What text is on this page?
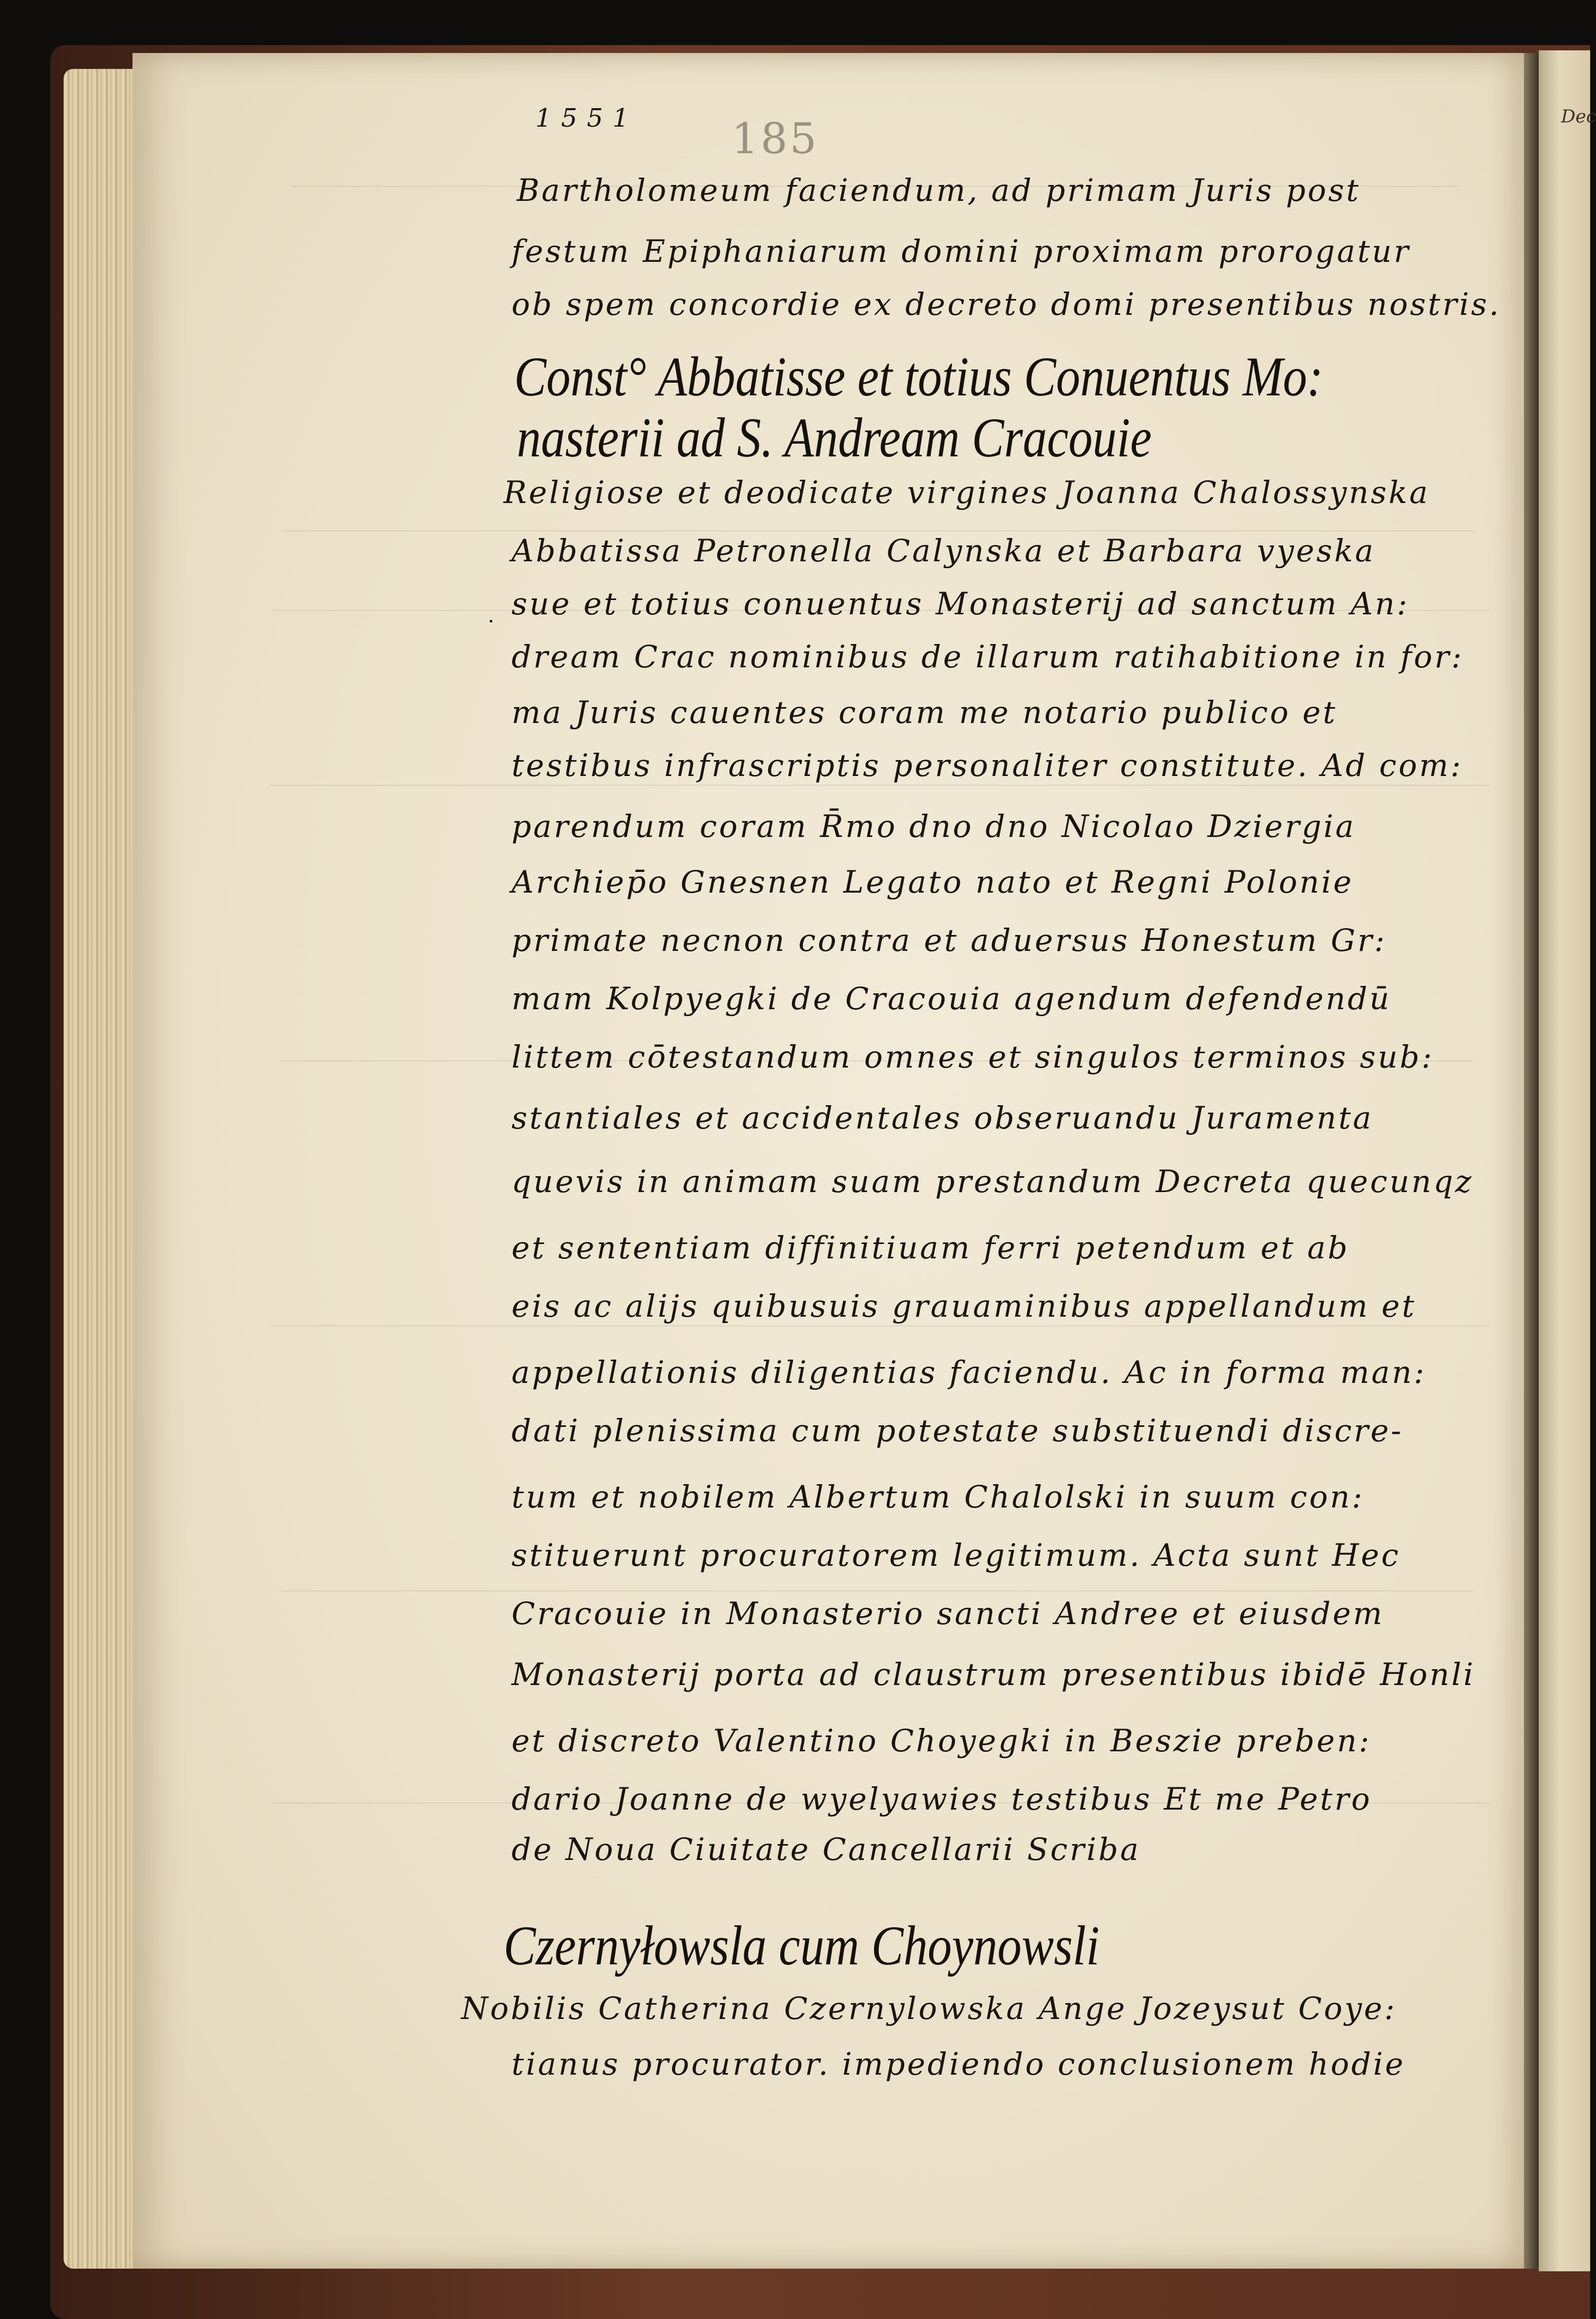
Dec
1551 185

Bartholomeum faciendum, ad primam Juris post

festum Epiphaniarum domini proximam prorogatur

ob spem concordie ex decreto domi presentibus nostris.

Const° Abbatisse et totius Conuentus Mo:

nasterii ad S. Andream Cracouie

Religiose et deodicate virgines Joanna Chalossynska

Abbatissa Petronella Calynska et Barbara vyeska

sue et totius conuentus Monasterij ad sanctum An:

dream Crac nominibus de illarum ratihabitione in for:

ma Juris cauentes coram me notario publico et

testibus infrascriptis personaliter constitute. Ad com:

parendum coram R̄mo dno dno Nicolao Dziergia

Archiep̄o Gnesnen Legato nato et Regni Polonie

primate necnon contra et aduersus Honestum Gr:

mam Kolpyegki de Cracouia agendum defendendū

littem cōtestandum omnes et singulos terminos sub:

stantiales et accidentales obseruandu Juramenta

quevis in animam suam prestandum Decreta quecunqz

et sententiam diffinitiuam ferri petendum et ab

eis ac alijs quibusuis grauaminibus appellandum et

appellationis diligentias faciendu. Ac in forma man:

dati plenissima cum potestate substituendi discre-

tum et nobilem Albertum Chalolski in suum con:

stituerunt procuratorem legitimum. Acta sunt Hec

Cracouie in Monasterio sancti Andree et eiusdem

Monasterij porta ad claustrum presentibus ibidē Honli

et discreto Valentino Choyegki in Beszie preben:

dario Joanne de wyelyawies testibus Et me Petro

de Noua Ciuitate Cancellarii Scriba

Czernyłowsla cum Choynowsli

Nobilis Catherina Czernylowska Ange Jozeysut Coye:

tianus procurator. impediendo conclusionem hodie

·
